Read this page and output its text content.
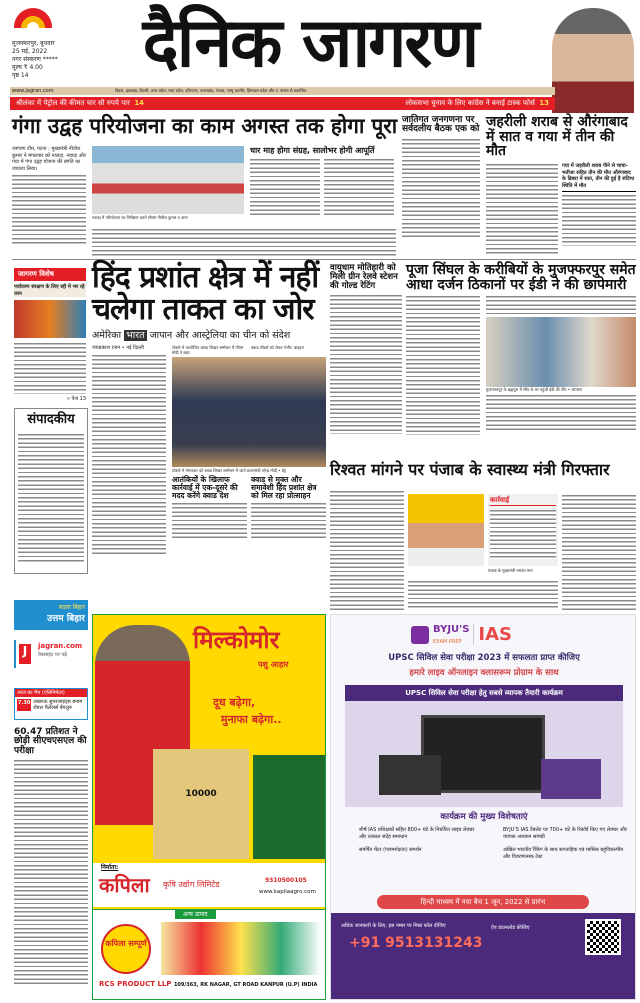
मुजफ्फरपुर, बुधवार
25 मई, 2022
नगर संस्करण *****
मूल्य ₹ 4.00
पृष्ठ 14	दैनिक जागरण
www.jagran.com	बिहार, झारखंड, दिल्ली, उत्तर प्रदेश, मध्य प्रदेश, हरियाणा, उत्तराखंड, पंजाब, जम्मू कश्मीर, हिमाचल प्रदेश और प. बंगाल से प्रकाशित
श्रीलंका में पेट्रोल की कीमत चार सौ रुपये पार 14	लोकसभा चुनाव के लिए कांग्रेस ने बनाई टास्क फोर्स 13
गंगा उद्वह परियोजना का काम अगस्त तक होगा पूरा
जागरण टीम, पटना : मुख्यमंत्री नीतीश कुमार ने मंगलवार को नालंदा, नवादा और गया में गंगा उद्वह योजना की प्रगति का जायजा लिया।
नवादा में परियोजना का निरीक्षण करते सीएम नीतीश कुमार व अन्य
चार माह होगा संग्रह, सालोभर होगी आपूर्ति
जातिगत जनगणना पर सर्वदलीय बैठक एक को जहरीली शराब से औरंगाबाद में सात व गया में तीन की मौत
गया में जहरीली शराब पीने से चाचा-भतीजा सहित तीन की मौत औरंगाबाद के ढिबरा में सात, तीन की हुई है संदिग्ध स्थिति में मौत
जागरण विशेष
पर्यावरण संरक्षण के लिए रद्दी में भर रहे जान
» पेज 13
संपादकीय
बदला बिहार
उत्तम बिहार
J jagran.com
वेबसाइट पर पढ़ें
आज का मैच (एलिमिनेटर)
7.30 लखनऊ सुपरजाइंट्स बनाम रॉयल चैलेंजर्स बेंगलुरु
60.47 प्रतिशत ने छोड़ी सीएचएसएल की परीक्षा
हिंद प्रशांत क्षेत्र में नहीं चलेगा ताकत का जोर
अमेरिका भारत जापान और आस्ट्रेलिया का चीन को संदेश
जयप्रकाश रंजन • नई दिल्ली	टोक्यो में आयोजित क्वाड शिखर सम्मेलन में पीएम मोदी ने कहा
क्वाड लीडर्स को लेकर गंभीर: बाइडन
टोक्यो में मंगलवार को क्वाड शिखर सम्मेलन में जाते प्रधानमंत्री नरेन्द्र मोदी • प्रेट्र
आतंकियों के खिलाफ कार्रवाई में एक-दूसरे की मदद करेंगे क्वाड देश
क्वाड से मुक्त और समावेशी हिंद प्रशांत क्षेत्र को मिल रहा प्रोत्साहन
वायुधाम मोतिहारी को मिली ग्रीन रेलवे स्टेशन की गोल्ड रेटिंग
पूजा सिंघल के करीबियों के मुजफ्फरपुर समेत आधा दर्जन ठिकानों पर ईडी ने की छापेमारी
मुजफ्फरपुर के ब्रह्मपुरा में सीए के घर पहुंची ईडी की टीम • जागरण
रिश्वत मांगने पर पंजाब के स्वास्थ्य मंत्री गिरफ्तार
कार्रवाई
पंजाब के मुख्यमंत्री भगवंत मान
मिल्कोमोर
पशु आहार
दूध बढ़ेगा,
मुनाफा बढ़ेगा..
10000
निर्माता:
कपिला कृषि उद्योग लिमिटेड	9310500105
www.kapilaagro.com
अन्य उत्पाद
कपिला सम्पूर्ण
RCS PRODUCT LLP 109/363, RK NAGAR, GT ROAD KANPUR (U.P) INDIA
BYJU'S
EXAM PREP IAS
UPSC सिविल सेवा परीक्षा 2023 में सफलता प्राप्त कीजिए
हमारे लाइव ऑनलाइन क्लासरूम प्रोग्राम के साथ
UPSC सिविल सेवा परीक्षा हेतु सबसे व्यापक तैयारी कार्यक्रम
कार्यक्रम की मुख्य विशेषताएं
शीर्ष IAS प्रशिक्षकों सहित 800+ घंटे के निर्धारित लाइव लेक्चर और तत्काल संदेह समाधान
समर्पित मेंटर (परामर्शदाता) समर्थन
BYJU'S IAS टैबलेट पर 700+ घंटे के रिकॉर्ड किए गए लेक्चर और व्यापक अध्ययन सामग्री
अखिल भारतीय रैंकिंग के साथ साप्ताहिक एवं मासिक बहुविकल्पीय और विवरणात्मक टेस्ट
हिन्दी माध्यम में नया बैच 1 जून, 2022 से प्रारंभ
अधिक जानकारी के लिए, इस नम्बर पर मिस्ड कॉल दीजिए
+91 9513131243
ऐप डाउनलोड कीजिए
